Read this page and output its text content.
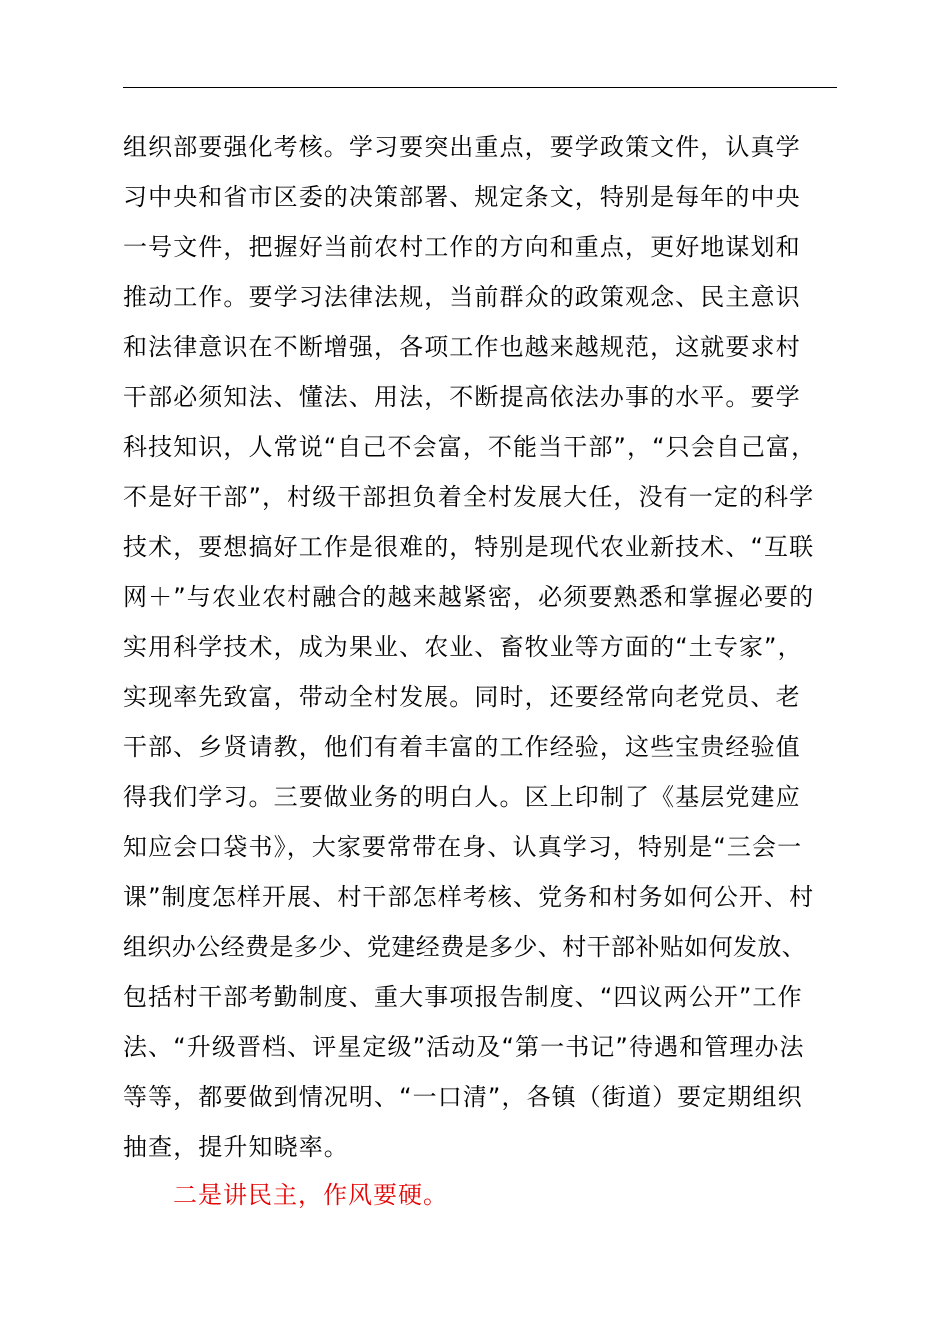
组织部要强化考核。学习要突出重点，要学政策文件，认真学
习中央和省市区委的决策部署、规定条文，特别是每年的中央
一号文件，把握好当前农村工作的方向和重点，更好地谋划和
推动工作。要学习法律法规，当前群众的政策观念、民主意识
和法律意识在不断增强，各项工作也越来越规范，这就要求村
干部必须知法、懂法、用法，不断提高依法办事的水平。要学
科技知识，人常说“自己不会富，不能当干部”，“只会自己富，
不是好干部”，村级干部担负着全村发展大任，没有一定的科学
技术，要想搞好工作是很难的，特别是现代农业新技术、“互联
网＋”与农业农村融合的越来越紧密，必须要熟悉和掌握必要的
实用科学技术，成为果业、农业、畜牧业等方面的“土专家”，
实现率先致富，带动全村发展。同时，还要经常向老党员、老
干部、乡贤请教，他们有着丰富的工作经验，这些宝贵经验值
得我们学习。三要做业务的明白人。区上印制了《基层党建应
知应会口袋书》，大家要常带在身、认真学习，特别是“三会一
课”制度怎样开展、村干部怎样考核、党务和村务如何公开、村
组织办公经费是多少、党建经费是多少、村干部补贴如何发放、
包括村干部考勤制度、重大事项报告制度、“四议两公开”工作
法、“升级晋档、评星定级”活动及“第一书记”待遇和管理办法
等等，都要做到情况明、“一口清”，各镇（街道）要定期组织
抽查，提升知晓率。
二是讲民主，作风要硬。
